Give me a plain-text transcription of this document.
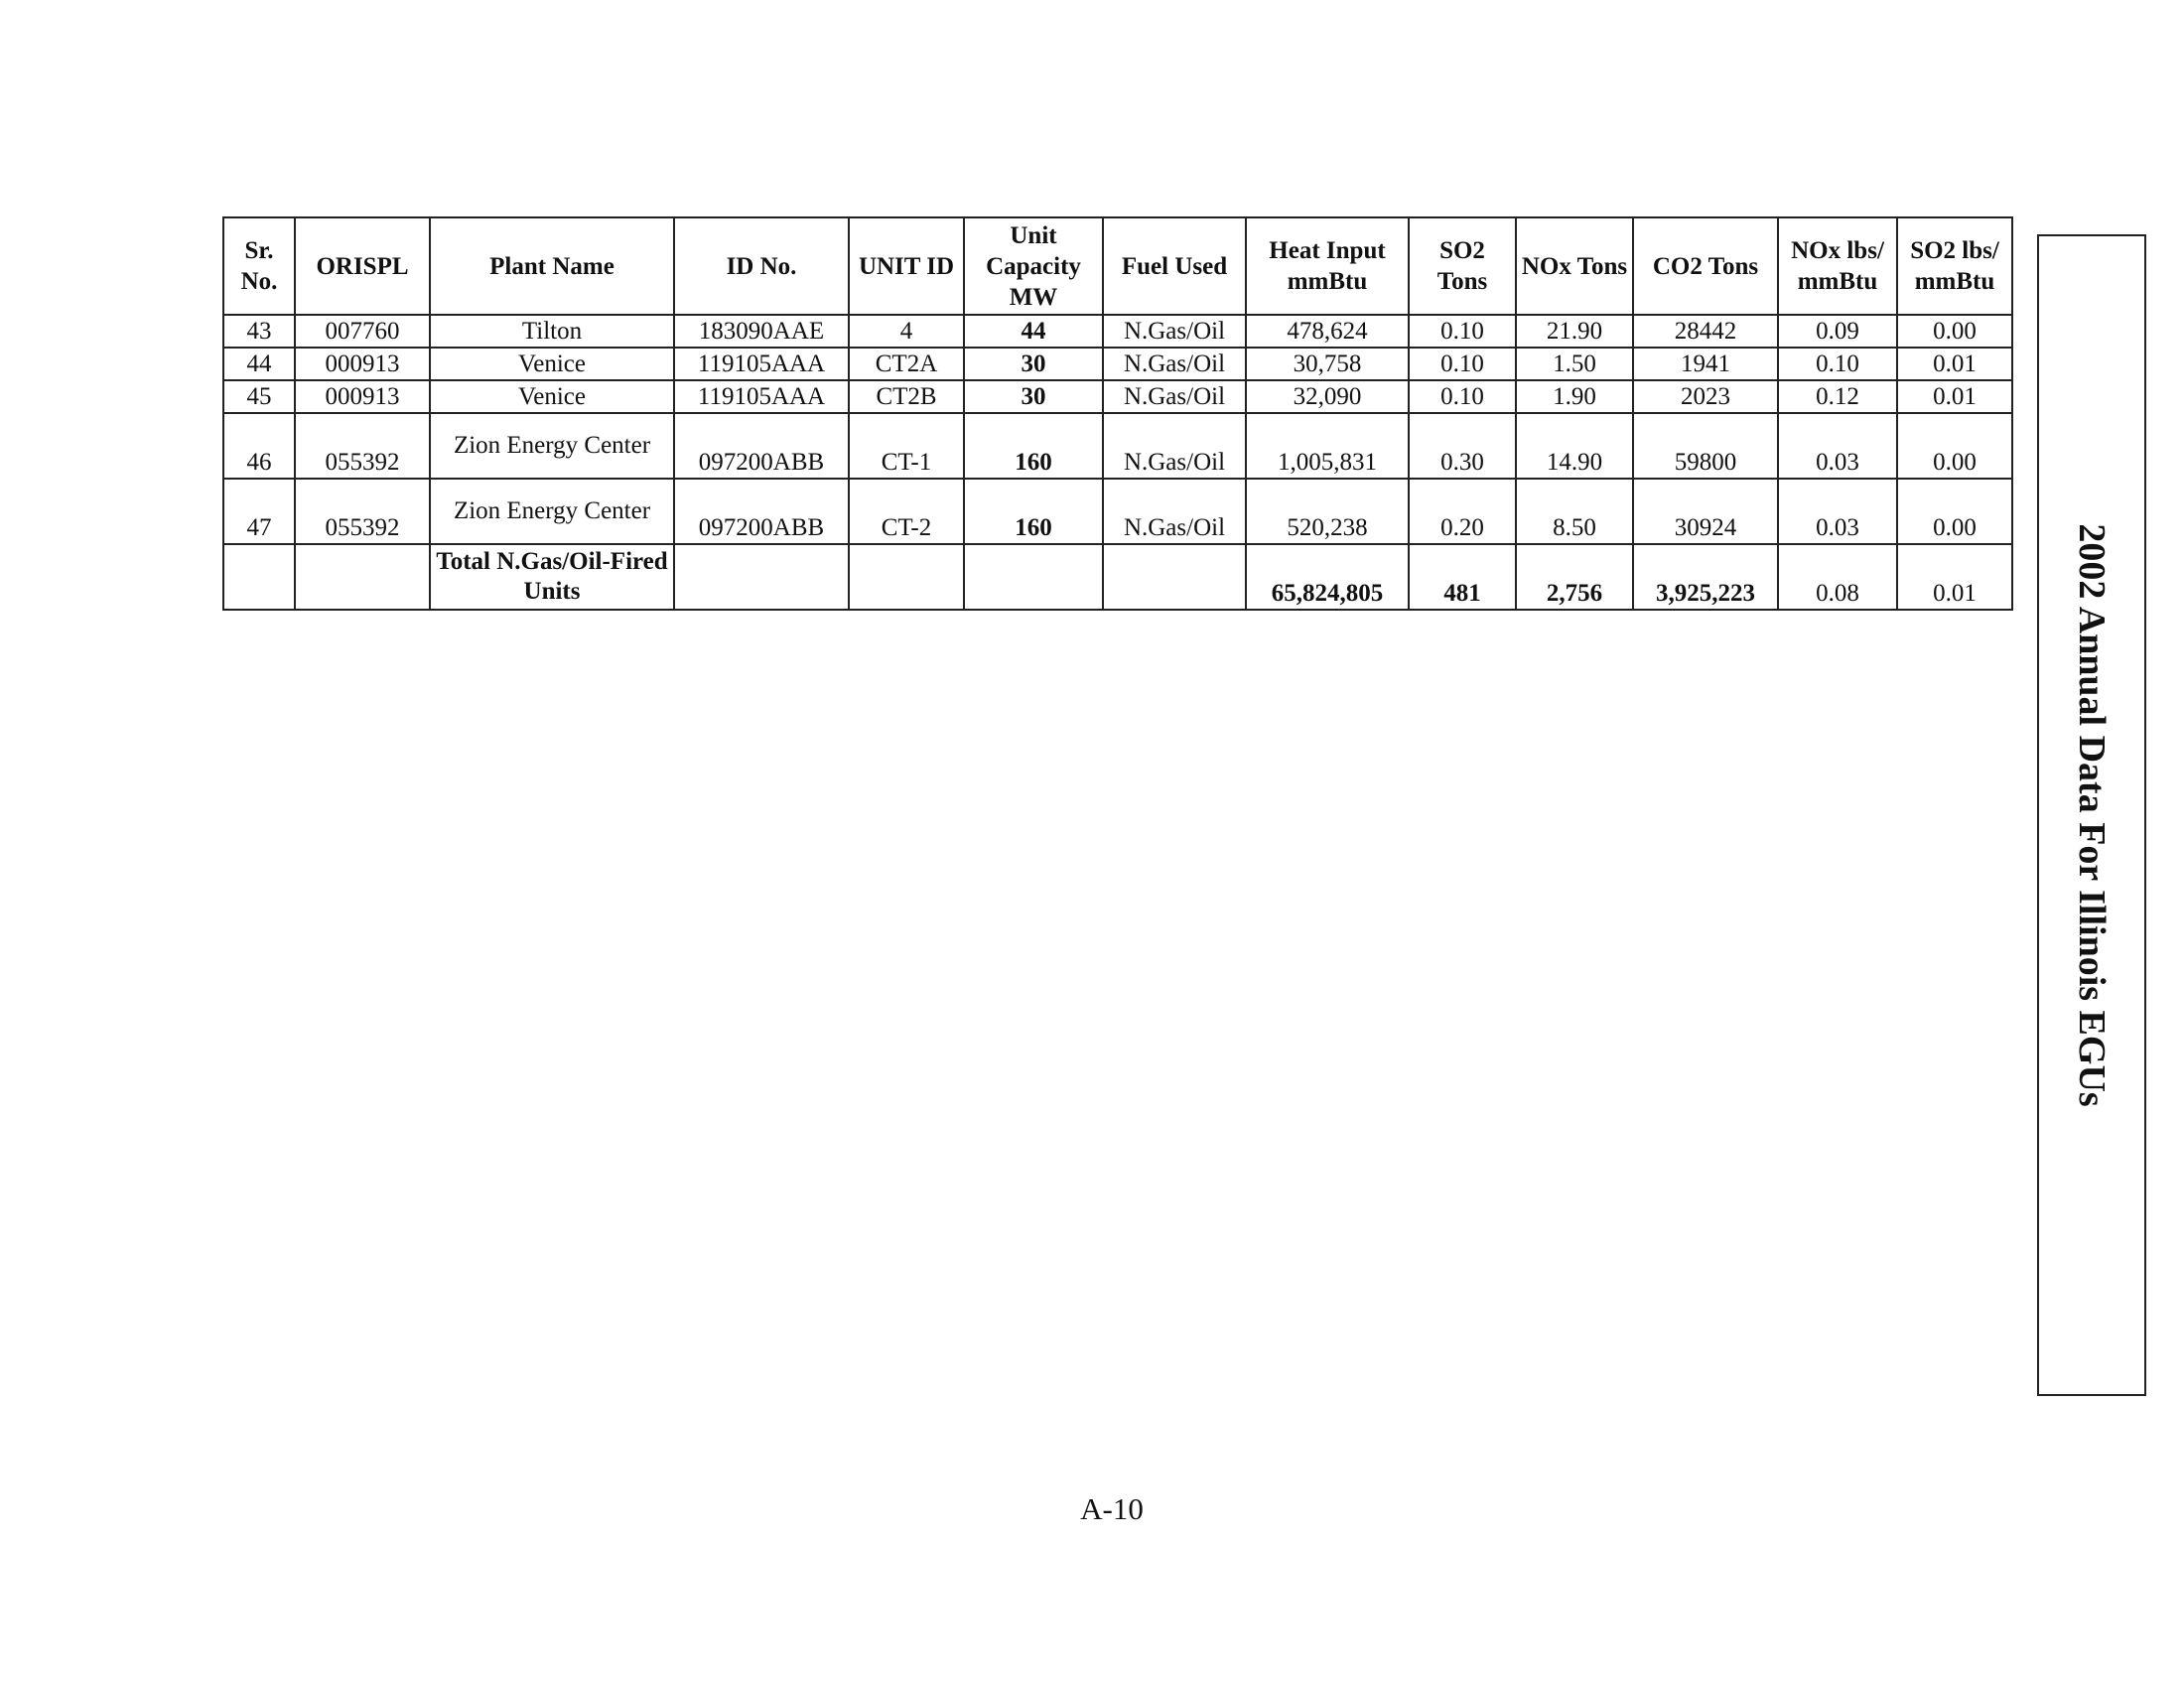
Sr. No.	ORISPL	Plant Name	ID No.	UNIT ID	Unit Capacity MW	Fuel Used	Heat Input mmBtu	SO2 Tons	NOx Tons	CO2 Tons	NOx lbs/ mmBtu	SO2 lbs/ mmBtu
43	007760	Tilton	183090AAE	4	44	N.Gas/Oil	478,624	0.10	21.90	28442	0.09	0.00
44	000913	Venice	119105AAA	CT2A	30	N.Gas/Oil	30,758	0.10	1.50	1941	0.10	0.01
45	000913	Venice	119105AAA	CT2B	30	N.Gas/Oil	32,090	0.10	1.90	2023	0.12	0.01
46	055392	Zion Energy Center	097200ABB	CT-1	160	N.Gas/Oil	1,005,831	0.30	14.90	59800	0.03	0.00
47	055392	Zion Energy Center	097200ABB	CT-2	160	N.Gas/Oil	520,238	0.20	8.50	30924	0.03	0.00
		Total N.Gas/Oil-Fired Units					65,824,805	481	2,756	3,925,223	0.08	0.01	2002 Annual Data For Illinois EGUs
A-10
